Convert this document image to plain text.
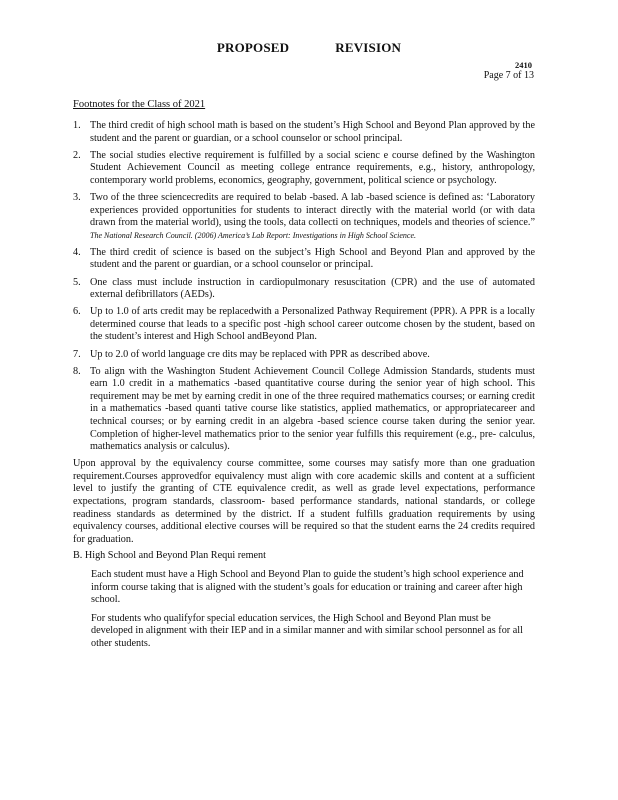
PROPOSED	REVISION
2410
Page 7 of 13
Footnotes for the Class of 2021
1. The third credit of high school math is based on the student’s High School and Beyond Plan approved by the student and the parent or guardian, or a school counselor or school principal.
2. The social studies elective requirement is fulfilled by a social scienc e course defined by the Washington Student Achievement Council as meeting college entrance requirements, e.g., history, anthropology, contemporary world problems, economics, geography, government, political science or psychology.
3. Two of the three sciencecredits are required to belab -based. A lab -based science is defined as: ‘Laboratory experiences provided opportunities for students to interact directly with the material world (or with data drawn from the material world), using the tools, data collecti on techniques, models and theories of science.” The National Research Council. (2006) America’s Lab Report: Investigations in High School Science.
4. The third credit of science is based on the subject’s High School and Beyond Plan and approved by the student and the parent or guardian, or a school counselor or principal.
5. One class must include instruction in cardiopulmonary resuscitation (CPR) and the use of automated external defibrillators (AEDs).
6. Up to 1.0 of arts credit may be replacedwith a Personalized Pathway Requirement (PPR). A PPR is a locally determined course that leads to a specific post -high school career outcome chosen by the student, based on the student’s interest and High School andBeyond Plan.
7. Up to 2.0 of world language cre dits may be replaced with PPR as described above.
8. To align with the Washington Student Achievement Council College Admission Standards, students must earn 1.0 credit in a mathematics -based quantitative course during the senior year of high school. This requirement may be met by earning credit in one of the three required mathematics courses; or earning credit in a mathematics -based quanti tative course like statistics, applied mathematics, or appropriatecareer and technical courses; or by earning credit in an algebra -based science course taken during the senior year. Completion of higher-level mathematics prior to the senior year fulfills this requirement (e.g., pre- calculus, mathematics analysis or calculus).
Upon approval by the equivalency course committee, some courses may satisfy more than one graduation requirement.Courses approvedfor equivalency must align with core academic skills and content at a sufficient level to justify the granting of CTE equivalence credit, as well as grade level expectations, performance expectations, program standards, classroom- based performance standards, national standards, or college readiness standards as determined by the district. If a student fulfills graduation requirements by using equivalency courses, additional elective courses will be required so that the student earns the 24 credits required for graduation.
B. High School and Beyond Plan Requi rement
Each student must have a High School and Beyond Plan to guide the student’s high school experience and inform course taking that is aligned with the student’s goals for education or training and career after high school.
For students who qualifyfor special education services, the High School and Beyond Plan must be developed in alignment with their IEP and in a similar manner and with similar school personnel as for all other students.
